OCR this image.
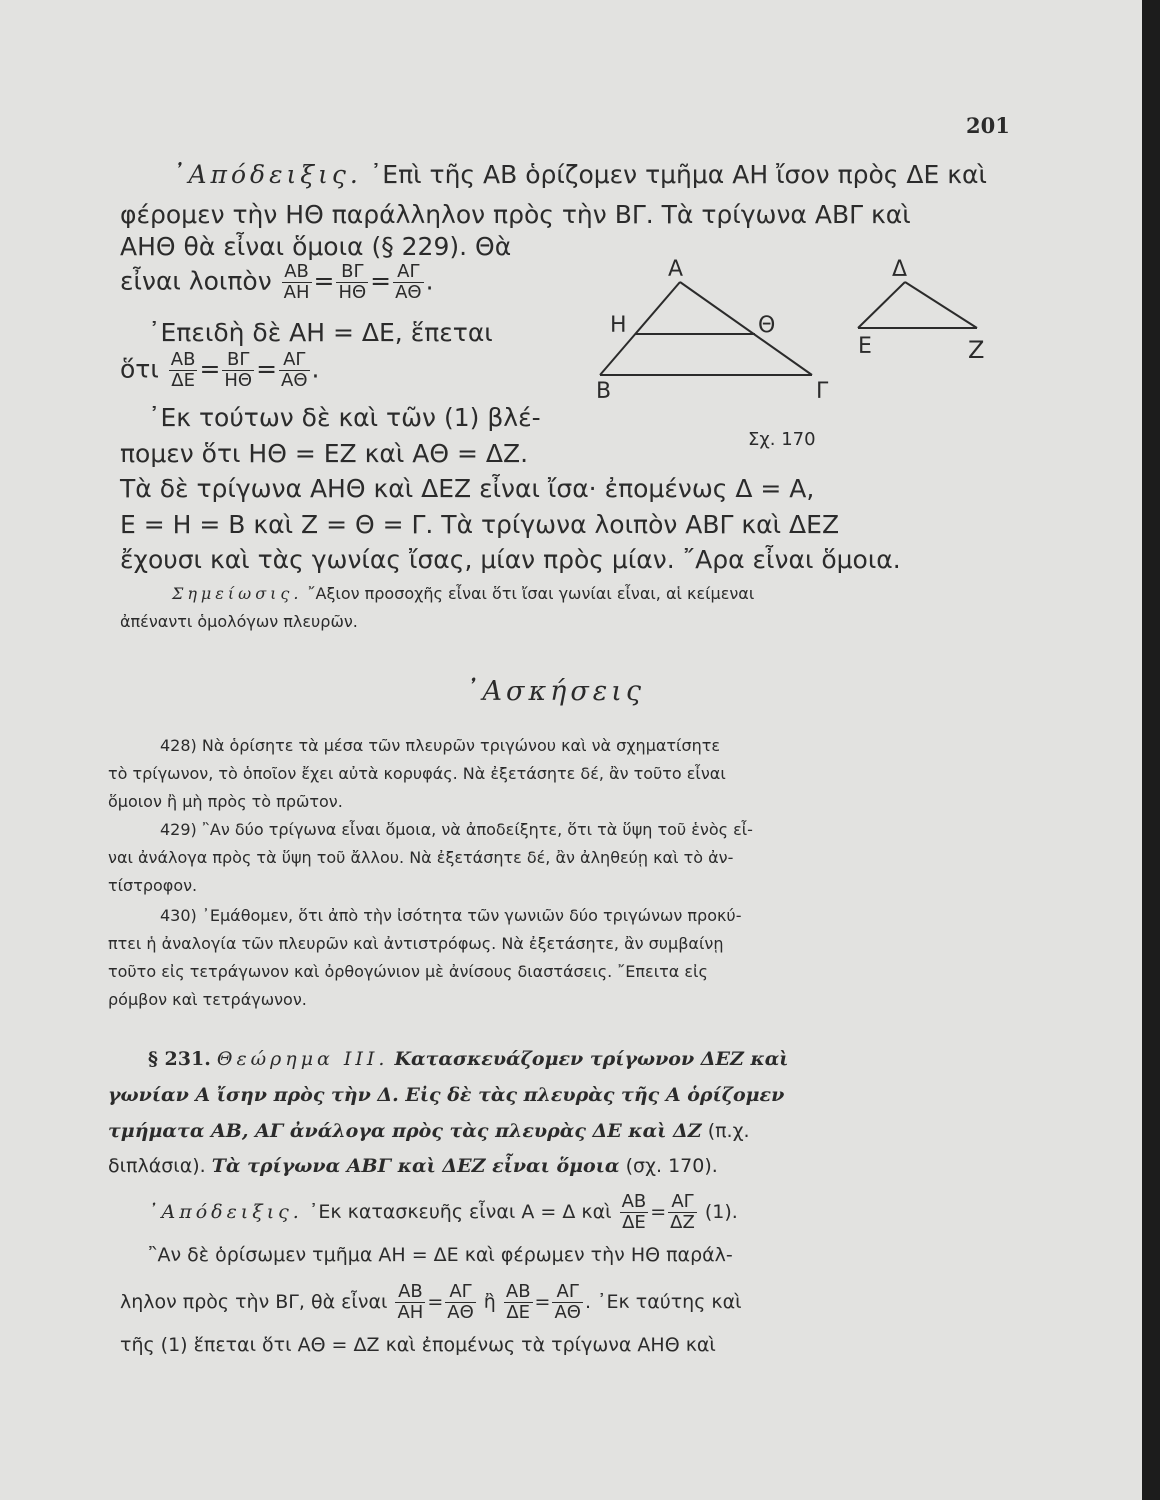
201
᾿Απόδειξις. ᾿Επὶ τῆς ΑΒ ὁρίζομεν τμῆμα ΑΗ ἴσον πρὸς ΔΕ καὶ
φέρομεν τὴν ΗΘ παράλληλον πρὸς τὴν ΒΓ. Τὰ τρίγωνα ΑΒΓ καὶ
ΑΗΘ θὰ εἶναι ὅμοια (§ 229). Θὰ
εἶναι λοιπὸν $\frac{AB}{AH} = \frac{B\Gamma}{H\Theta} = \frac{A\Gamma}{A\Theta}$ .
᾿Επειδὴ δὲ ΑΗ = ΔΕ, ἕπεται
ὅτι $\frac{AB}{\Delta E} = \frac{B\Gamma}{H\Theta} = \frac{A\Gamma}{A\Theta}$ .
᾿Εκ τούτων δὲ καὶ τῶν (1) βλέ-
πομεν ὅτι ΗΘ = ΕΖ καὶ ΑΘ = ΔΖ.
Τὰ δὲ τρίγωνα ΑΗΘ καὶ ΔΕΖ εἶναι ἴσα· ἐπομένως Δ = Α,
Ε = Η = Β καὶ Ζ = Θ = Γ. Τὰ τρίγωνα λοιπὸν ΑΒΓ καὶ ΔΕΖ
ἔχουσι καὶ τὰς γωνίας ἴσας, μίαν πρὸς μίαν. ῎Αρα εἶναι ὅμοια.
Α
Η	Θ
Β	Γ
Δ
Ε	Ζ
Σχ. 170
Σημείωσις. ῎Αξιον προσοχῆς εἶναι ὅτι ἴσαι γωνίαι εἶναι, αἱ κείμεναι
ἀπέναντι ὁμολόγων πλευρῶν.
᾿Ασκήσεις
428) Νὰ ὁρίσητε τὰ μέσα τῶν πλευρῶν τριγώνου καὶ νὰ σχηματίσητε
τὸ τρίγωνον, τὸ ὁποῖον ἔχει αὐτὰ κορυφάς. Νὰ ἐξετάσητε δέ, ἂν τοῦτο εἶναι
ὅμοιον ἢ μὴ πρὸς τὸ πρῶτον.
429) ῍Αν δύο τρίγωνα εἶναι ὅμοια, νὰ ἀποδείξητε, ὅτι τὰ ὕψη τοῦ ἑνὸς εἶ-
ναι ἀνάλογα πρὸς τὰ ὕψη τοῦ ἄλλου. Νὰ ἐξετάσητε δέ, ἂν ἀληθεύῃ καὶ τὸ ἀν-
τίστροφον.
430) ᾿Εμάθομεν, ὅτι ἀπὸ τὴν ἰσότητα τῶν γωνιῶν δύο τριγώνων προκύ-
πτει ἡ ἀναλογία τῶν πλευρῶν καὶ ἀντιστρόφως. Νὰ ἐξετάσητε, ἂν συμβαίνῃ
τοῦτο εἰς τετράγωνον καὶ ὀρθογώνιον μὲ ἀνίσους διαστάσεις. ῎Επειτα εἰς
ρόμβον καὶ τετράγωνον.
§ 231. Θεώρημα ΙΙΙ. Κατασκευάζομεν τρίγωνον ΔΕΖ καὶ
γωνίαν Α ἴσην πρὸς τὴν Δ. Εἰς δὲ τὰς πλευρὰς τῆς Α ὁρίζομεν
τμήματα ΑΒ, ΑΓ ἀνάλογα πρὸς τὰς πλευρὰς ΔΕ καὶ ΔΖ (π.χ.
διπλάσια). Τὰ τρίγωνα ΑΒΓ καὶ ΔΕΖ εἶναι ὅμοια (σχ. 170).
᾿Απόδειξις. ᾿Εκ κατασκευῆς εἶναι Α = Δ καὶ $\frac{AB}{\Delta E} = \frac{A\Gamma}{\Delta Z} (1)$.
῍Αν δὲ ὁρίσωμεν τμῆμα ΑΗ = ΔΕ καὶ φέρωμεν τὴν ΗΘ παράλ-
ληλον πρὸς τὴν ΒΓ, θὰ εἶναι $\frac{AB}{AH} = \frac{A\Gamma}{A\Theta}$ ἢ $\frac{AB}{\Delta E} = \frac{A\Gamma}{A\Theta}$ . ᾿Εκ ταύτης καὶ
τῆς (1) ἕπεται ὅτι ΑΘ = ΔΖ καὶ ἐπομένως τὰ τρίγωνα ΑΗΘ καὶ
